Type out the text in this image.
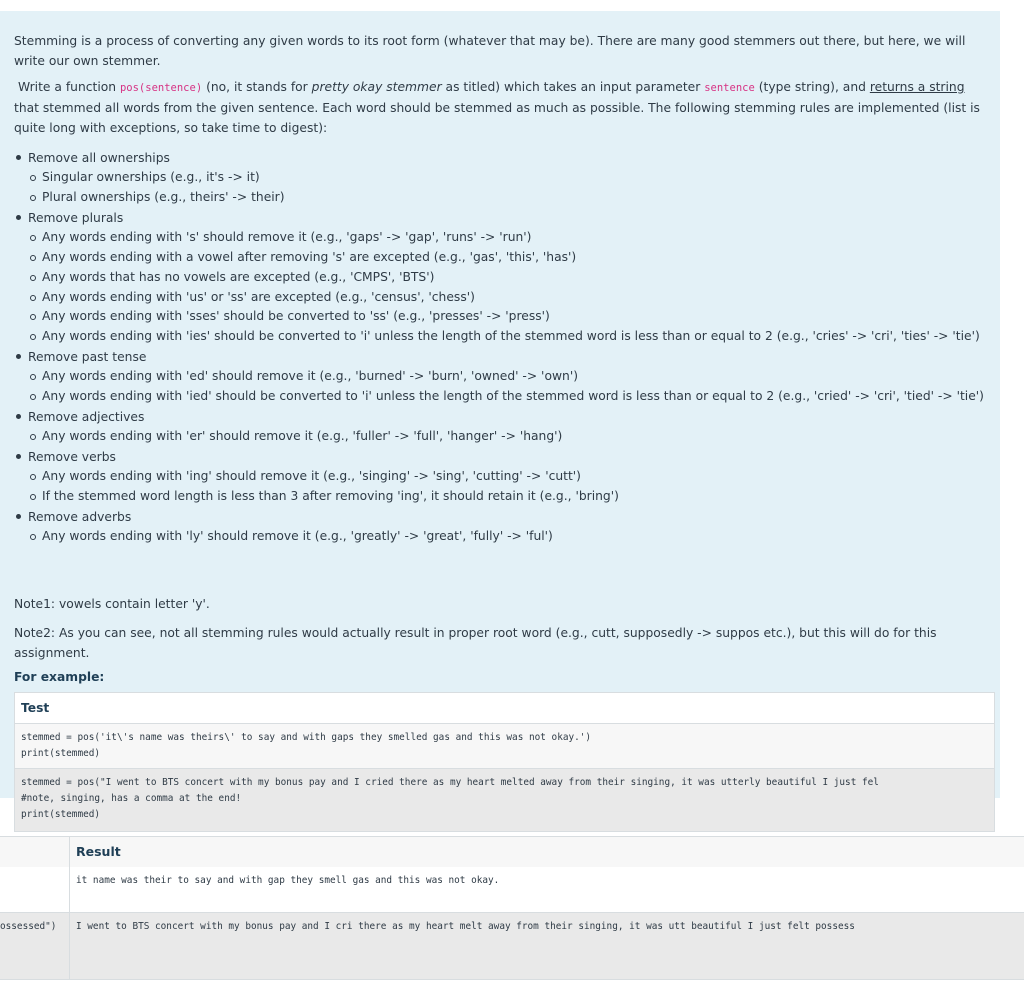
Stemming is a process of converting any given words to its root form (whatever that may be). There are many good stemmers out there, but here, we will write our own stemmer.

Write a function pos(sentence) (no, it stands for pretty okay stemmer as titled) which takes an input parameter sentence (type string), and returns a string that stemmed all words from the given sentence. Each word should be stemmed as much as possible. The following stemming rules are implemented (list is quite long with exceptions, so take time to digest):

Remove all ownerships
Singular ownerships (e.g., it's -> it)
Plural ownerships (e.g., theirs' -> their)
Remove plurals
Any words ending with 's' should remove it (e.g., 'gaps' -> 'gap', 'runs' -> 'run')
Any words ending with a vowel after removing 's' are excepted (e.g., 'gas', 'this', 'has')
Any words that has no vowels are excepted (e.g., 'CMPS', 'BTS')
Any words ending with 'us' or 'ss' are excepted (e.g., 'census', 'chess')
Any words ending with 'sses' should be converted to 'ss' (e.g., 'presses' -> 'press')
Any words ending with 'ies' should be converted to 'i' unless the length of the stemmed word is less than or equal to 2 (e.g., 'cries' -> 'cri', 'ties' -> 'tie')
Remove past tense
Any words ending with 'ed' should remove it (e.g., 'burned' -> 'burn', 'owned' -> 'own')
Any words ending with 'ied' should be converted to 'i' unless the length of the stemmed word is less than or equal to 2 (e.g., 'cried' -> 'cri', 'tied' -> 'tie')
Remove adjectives
Any words ending with 'er' should remove it (e.g., 'fuller' -> 'full', 'hanger' -> 'hang')
Remove verbs
Any words ending with 'ing' should remove it (e.g., 'singing' -> 'sing', 'cutting' -> 'cutt')
If the stemmed word length is less than 3 after removing 'ing', it should retain it (e.g., 'bring')
Remove adverbs
Any words ending with 'ly' should remove it (e.g., 'greatly' -> 'great', 'fully' -> 'ful')

Note1: vowels contain letter 'y'.

Note2: As you can see, not all stemming rules would actually result in proper root word (e.g., cutt, supposedly -> suppos etc.), but this will do for this assignment.

For example:

Test
stemmed = pos('it\'s name was theirs\' to say and with gaps they smelled gas and this was not okay.')
print(stemmed)
stemmed = pos("I went to BTS concert with my bonus pay and I cried there as my heart melted away from their singing, it was utterly beautiful I just fel
#note, singing, has a comma at the end!
print(stemmed)
Result
it name was their to say and with gap they smell gas and this was not okay.
ossessed") I went to BTS concert with my bonus pay and I cri there as my heart melt away from their singing, it was utt beautiful I just felt possess
